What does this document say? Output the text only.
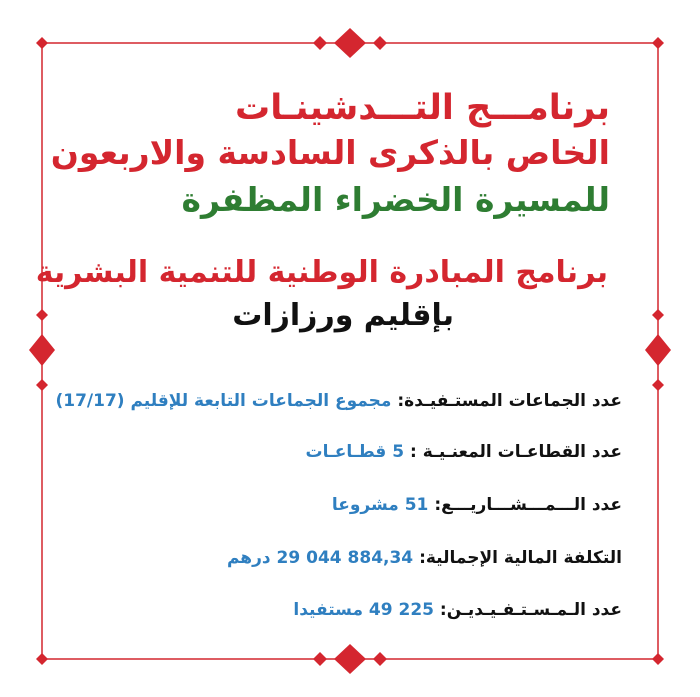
برنامـــج التـــدشينـات
الخاص بالذكرى السادسة والاربعون
للمسيرة الخضراء المظفرة
برنامج المبادرة الوطنية للتنمية البشرية
بإقليم ورزازات
عدد الجماعات المستـفيـدة: مجموع الجماعات التابعة للإقليم (17/17)
عدد القطاعـات المعنـيـة : 5 قطـاعـات
عدد الـــمـــشـــاريـــع: 51 مشروعا
التكلفة المالية الإجمالية: 884,34 044 29 درهم
عدد الـمـسـتـفـيـديـن: 225 49 مستفيدا
